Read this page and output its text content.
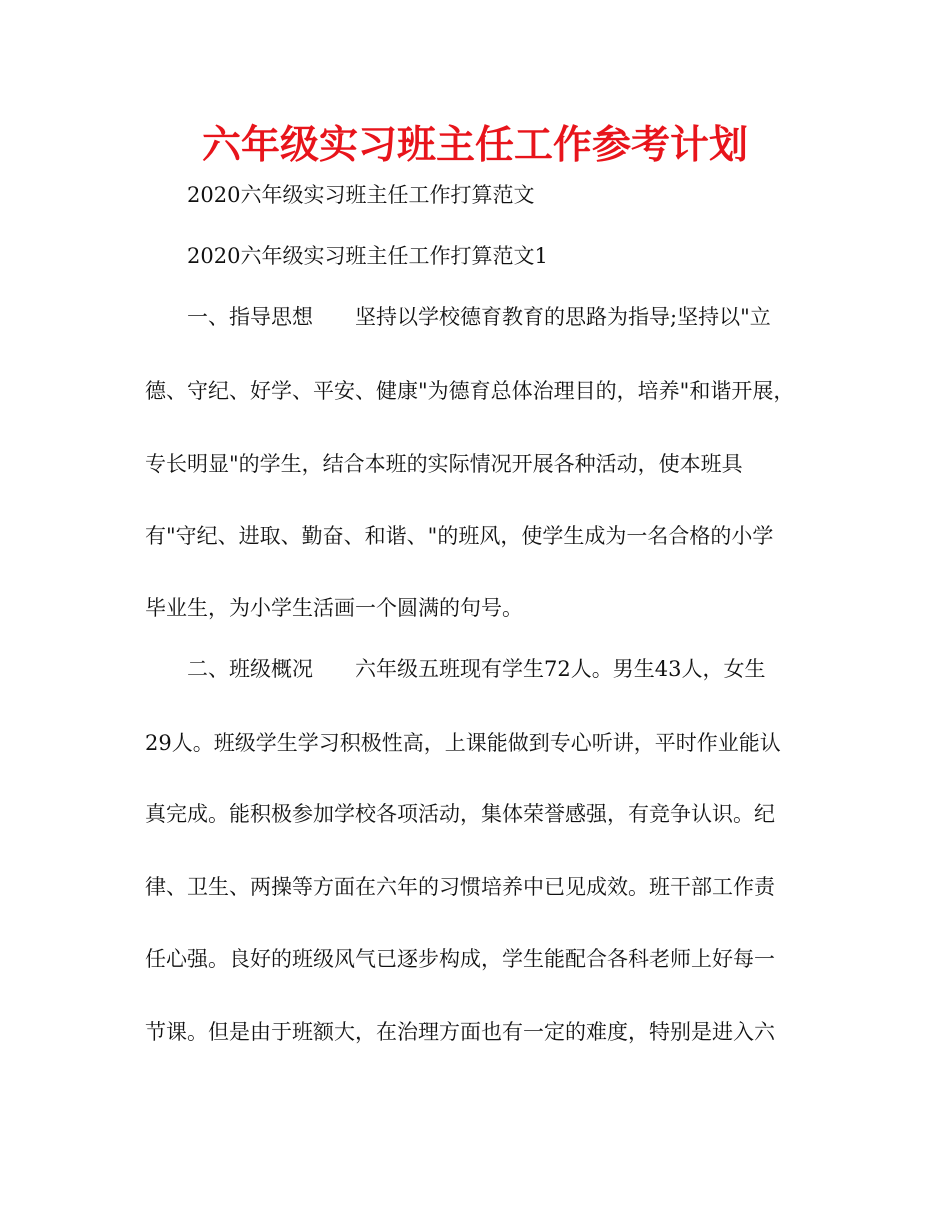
六年级实习班主任工作参考计划
2020六年级实习班主任工作打算范文
2020六年级实习班主任工作打算范文1
一、指导思想　　坚持以学校德育教育的思路为指导;坚持以"立
德、守纪、好学、平安、健康"为德育总体治理目的，培养"和谐开展，
专长明显"的学生，结合本班的实际情况开展各种活动，使本班具
有"守纪、进取、勤奋、和谐、"的班风，使学生成为一名合格的小学
毕业生，为小学生活画一个圆满的句号。
二、班级概况　　六年级五班现有学生72人。男生43人，女生
29人。班级学生学习积极性高，上课能做到专心听讲，平时作业能认
真完成。能积极参加学校各项活动，集体荣誉感强，有竞争认识。纪
律、卫生、两操等方面在六年的习惯培养中已见成效。班干部工作责
任心强。良好的班级风气已逐步构成，学生能配合各科老师上好每一
节课。但是由于班额大，在治理方面也有一定的难度，特别是进入六
